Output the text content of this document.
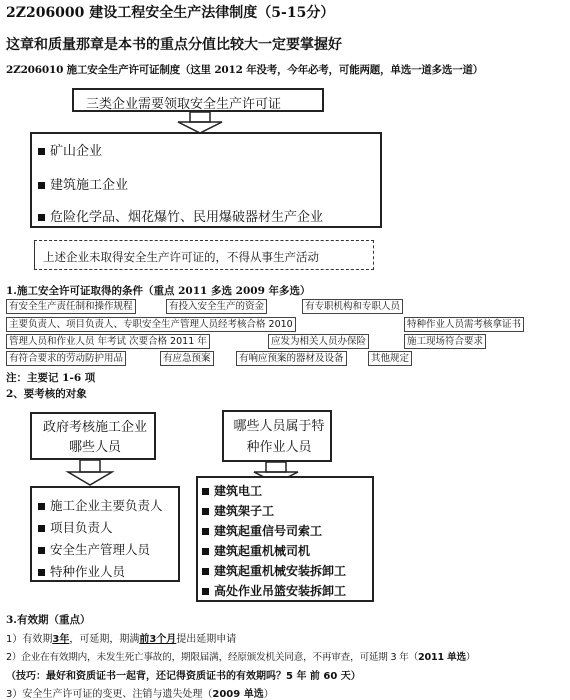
2Z206000 建设工程安全生产法律制度（5-15分）
这章和质量那章是本书的重点分值比较大一定要掌握好
2Z206010 施工安全生产许可证制度（这里 2012 年没考，今年必考，可能两题，单选一道多选一道）
三类企业需要领取安全生产许可证
矿山企业
建筑施工企业
危险化学品、烟花爆竹、民用爆破器材生产企业
上述企业未取得安全生产许可证的，不得从事生产活动
1.施工安全许可证取得的条件（重点 2011 多选 2009 年多选）
有安全生产责任制和操作规程	有投入安全生产的资金	有专职机构和专职人员
主要负责人、项目负责人、专职安全生产管理人员经考核合格 2010	特种作业人员需考核拿证书
管理人员和作业人员 年考试 次要合格 2011 年	应发为相关人员办保险	施工现场符合要求
有符合要求的劳动防护用品	有应急预案	有响应预案的器材及设备	其他规定
注：主要记 1-6 项
2、要考核的对象
政府考核施工企业哪些人员
施工企业主要负责人
项目负责人
安全生产管理人员
特种作业人员
哪些人员属于特种作业人员
建筑电工
建筑架子工
建筑起重信号司索工
建筑起重机械司机
建筑起重机械安装拆卸工
高处作业吊篮安装拆卸工
3.有效期（重点）
1）有效期3年，可延期，期满前3个月提出延期申请
2）企业在有效期内，未发生死亡事故的，期限届满，经原颁发机关同意，不再审查，可延期 3 年（2011 单选）
（技巧：最好和资质证书一起背，还记得资质证书的有效期吗？5 年 前 60 天）
3）安全生产许可证的变更、注销与遗失处理（2009 单选）
